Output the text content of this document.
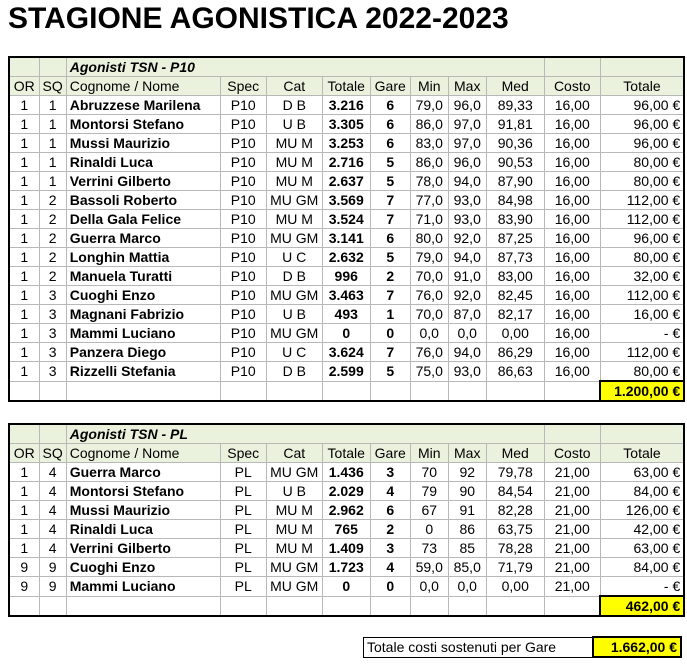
STAGIONE AGONISTICA 2022-2023
		Agonisti TSN - P10									
OR	SQ	Cognome / Nome	Spec	Cat	Totale	Gare	Min	Max	Med	Costo	Totale
1	1	Abruzzese Marilena	P10	D B	3.216	6	79,0	96,0	89,33	16,00	96,00 €
1	1	Montorsi Stefano	P10	U B	3.305	6	86,0	97,0	91,81	16,00	96,00 €
1	1	Mussi Maurizio	P10	MU M	3.253	6	83,0	97,0	90,36	16,00	96,00 €
1	1	Rinaldi Luca	P10	MU M	2.716	5	86,0	96,0	90,53	16,00	80,00 €
1	1	Verrini Gilberto	P10	MU M	2.637	5	78,0	94,0	87,90	16,00	80,00 €
1	2	Bassoli Roberto	P10	MU GM	3.569	7	77,0	93,0	84,98	16,00	112,00 €
1	2	Della Gala Felice	P10	MU M	3.524	7	71,0	93,0	83,90	16,00	112,00 €
1	2	Guerra Marco	P10	MU GM	3.141	6	80,0	92,0	87,25	16,00	96,00 €
1	2	Longhin Mattia	P10	U C	2.632	5	79,0	94,0	87,73	16,00	80,00 €
1	2	Manuela Turatti	P10	D B	996	2	70,0	91,0	83,00	16,00	32,00 €
1	3	Cuoghi Enzo	P10	MU GM	3.463	7	76,0	92,0	82,45	16,00	112,00 €
1	3	Magnani Fabrizio	P10	U B	493	1	70,0	87,0	82,17	16,00	16,00 €
1	3	Mammi Luciano	P10	MU GM	0	0	0,0	0,0	0,00	16,00	- €
1	3	Panzera Diego	P10	U C	3.624	7	76,0	94,0	86,29	16,00	112,00 €
1	3	Rizzelli Stefania	P10	D B	2.599	5	75,0	93,0	86,63	16,00	80,00 €
											1.200,00 €
		Agonisti TSN - PL									
OR	SQ	Cognome / Nome	Spec	Cat	Totale	Gare	Min	Max	Med	Costo	Totale
1	4	Guerra Marco	PL	MU GM	1.436	3	70	92	79,78	21,00	63,00 €
1	4	Montorsi Stefano	PL	U B	2.029	4	79	90	84,54	21,00	84,00 €
1	4	Mussi Maurizio	PL	MU M	2.962	6	67	91	82,28	21,00	126,00 €
1	4	Rinaldi Luca	PL	MU M	765	2	0	86	63,75	21,00	42,00 €
1	4	Verrini Gilberto	PL	MU M	1.409	3	73	85	78,28	21,00	63,00 €
9	9	Cuoghi Enzo	PL	MU GM	1.723	4	59,0	85,0	71,79	21,00	84,00 €
9	9	Mammi Luciano	PL	MU GM	0	0	0,0	0,0	0,00	21,00	- €
											462,00 €
Totale costi sostenuti per Gare	1.662,00 €
